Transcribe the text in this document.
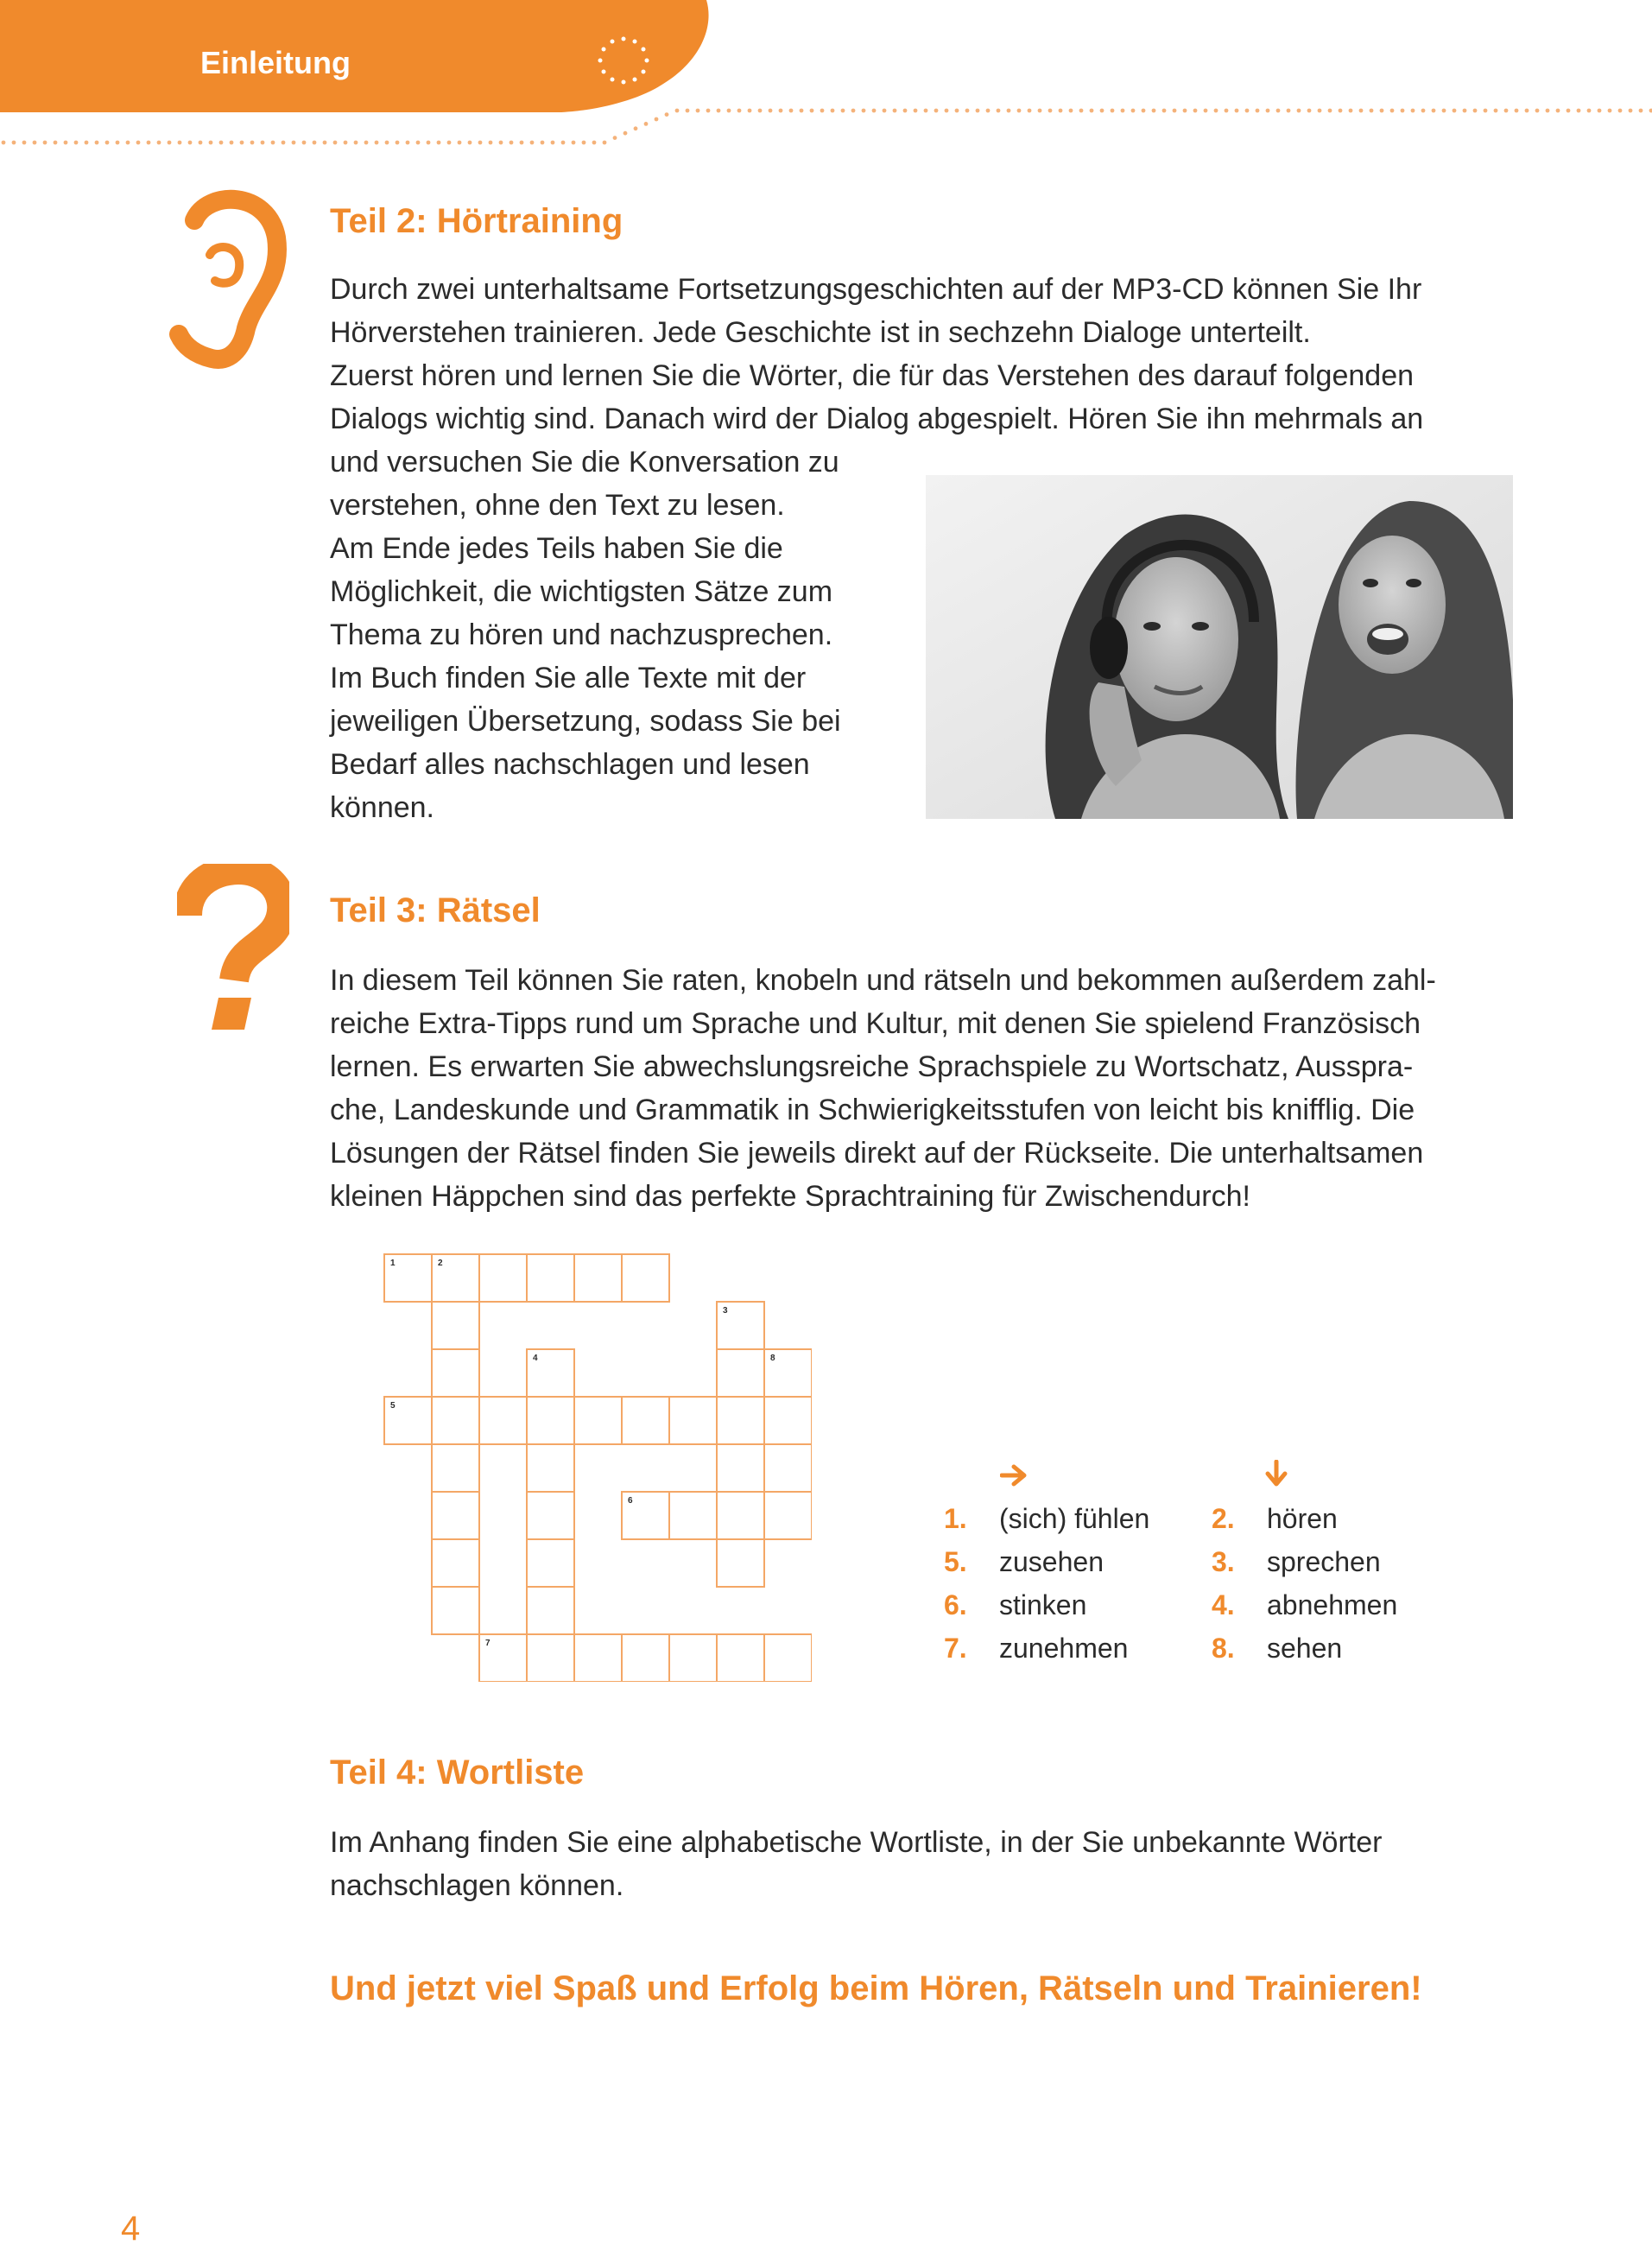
Einleitung
Teil 2: Hörtraining
Durch zwei unterhaltsame Fortsetzungsgeschichten auf der MP3-CD können Sie Ihr
Hörverstehen trainieren. Jede Geschichte ist in sechzehn Dialoge unterteilt.
Zuerst hören und lernen Sie die Wörter, die für das Verstehen des darauf folgenden
Dialogs wichtig sind. Danach wird der Dialog abgespielt. Hören Sie ihn mehrmals an
und versuchen Sie die Konversation zu
verstehen, ohne den Text zu lesen.
Am Ende jedes Teils haben Sie die
Möglichkeit, die wichtigsten Sätze zum
Thema zu hören und nachzusprechen.
Im Buch finden Sie alle Texte mit der
jeweiligen Übersetzung, sodass Sie bei
Bedarf alles nachschlagen und lesen
können.
Teil 3: Rätsel
In diesem Teil können Sie raten, knobeln und rätseln und bekommen außerdem zahl-
reiche Extra-Tipps rund um Sprache und Kultur, mit denen Sie spielend Französisch
lernen. Es erwarten Sie abwechslungsreiche Sprachspiele zu Wortschatz, Ausspra-
che, Landeskunde und Grammatik in Schwierigkeitsstufen von leicht bis knifflig. Die
Lösungen der Rätsel finden Sie jeweils direkt auf der Rückseite. Die unterhaltsamen
kleinen Häppchen sind das perfekte Sprachtraining für Zwischendurch!
1	2
3
4	8
5
6
7
1. (sich) fühlen
5. zusehen
6. stinken
7. zunehmen
2. hören
3. sprechen
4. abnehmen
8. sehen
Teil 4: Wortliste
Im Anhang finden Sie eine alphabetische Wortliste, in der Sie unbekannte Wörter
nachschlagen können.
Und jetzt viel Spaß und Erfolg beim Hören, Rätseln und Trainieren!
4
